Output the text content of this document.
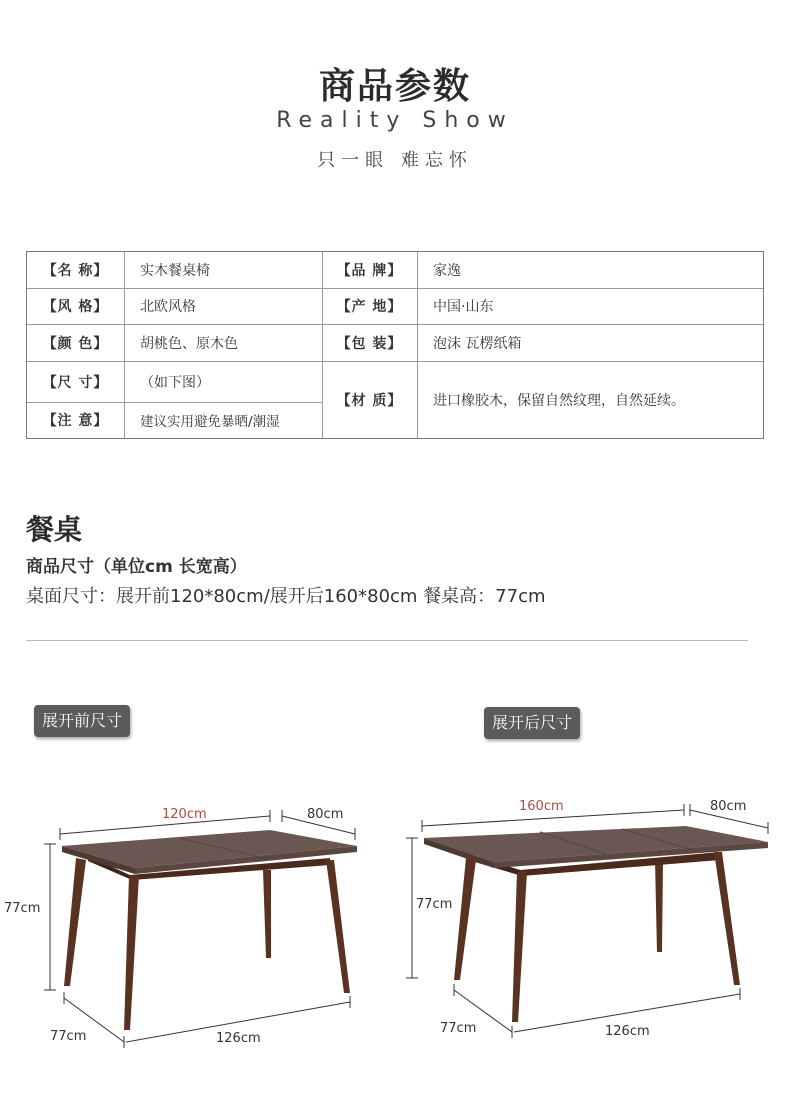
商品参数
Reality Show
只一眼 难忘怀
【名 称】	实木餐桌椅	【品 牌】	家逸
【风 格】	北欧风格	【产 地】	中国·山东
【颜 色】	胡桃色、原木色	【包 装】	泡沫 瓦楞纸箱
【尺 寸】	（如下图）
【注 意】	建议实用避免暴晒/潮湿
【材 质】	进口橡胶木，保留自然纹理，自然延续。
餐桌
商品尺寸（单位cm 长宽高）
桌面尺寸：展开前120*80cm/展开后160*80cm 餐桌高：77cm
展开前尺寸	展开后尺寸
120cm	80cm
77cm
77cm	126cm
160cm	80cm
77cm
77cm	126cm
